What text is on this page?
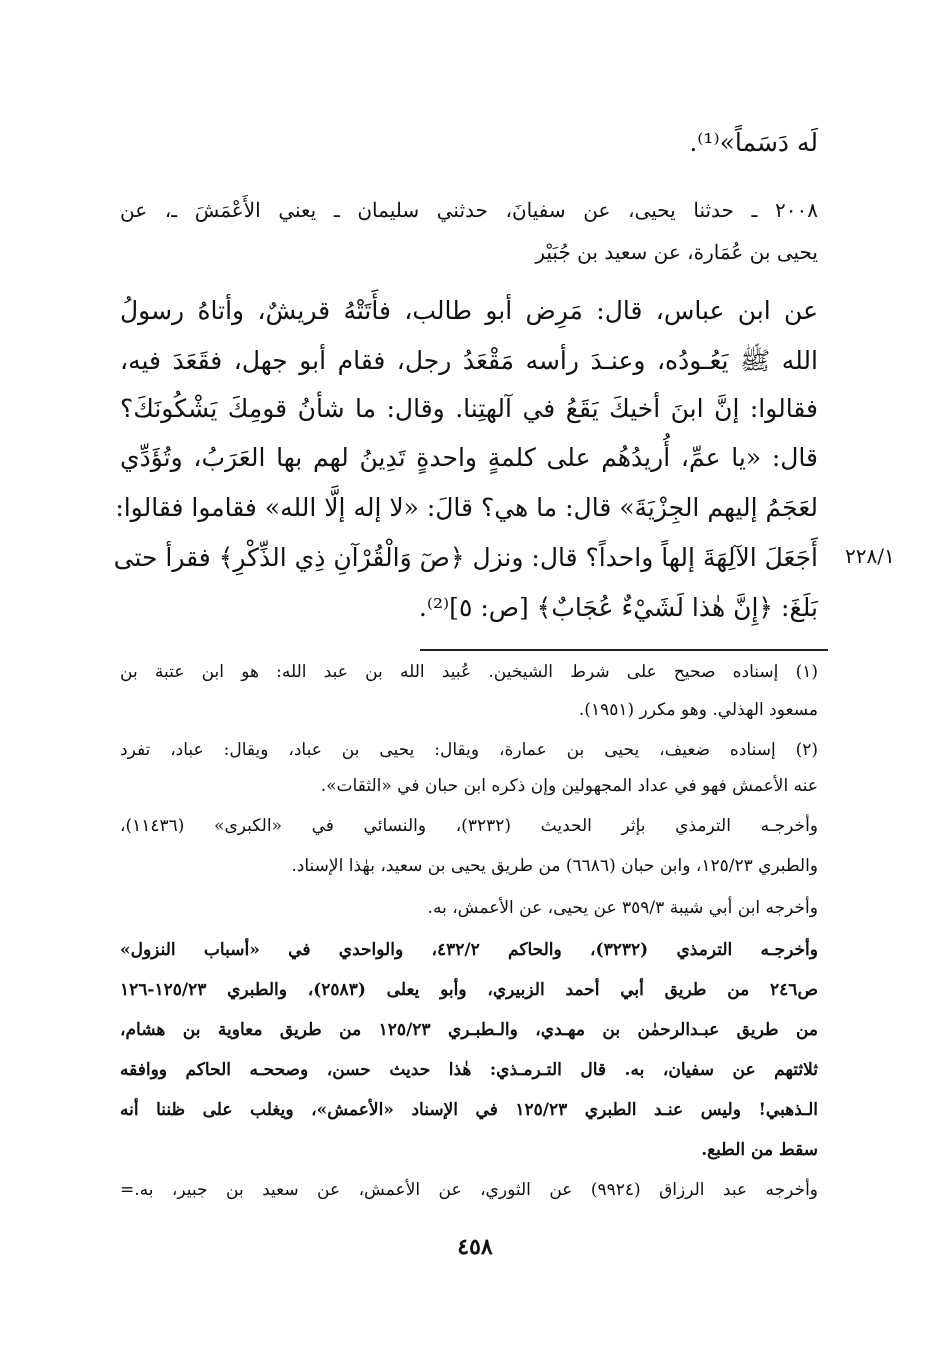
لَه دَسَماً»⁽¹⁾.

٢٠٠٨ ـ حدثنا يحيى، عن سفيانَ، حدثني سليمان ـ يعني الأَعْمَشَ ـ، عن

يحيى بن عُمَارة، عن سعيد بن جُبَيْر

عن ابن عباس، قال: مَرِض أبو طالب، فأَتَتْهُ قريشٌ، وأتاهُ رسولُ

الله ﷺ يَعُـودُه، وعنـدَ رأسه مَقْعَدُ رجل، فقام أبو جهل، فقَعَدَ فيه،

فقالوا: إنَّ ابنَ أخيكَ يَقَعُ في آلهتِنا. وقال: ما شأنُ قومِكَ يَشْكُونَكَ؟

قال: «يا عمِّ، أُريدُهُم على كلمةٍ واحدةٍ تَدِينُ لهم بها العَرَبُ، وتُؤَدِّي

لعَجَمُ إليهم الجِزْيَةَ» قال: ما هي؟ قالَ: «لا إله إلَّا الله» فقاموا فقالوا:

أَجَعَلَ الآلِهَةَ إلهاً واحداً؟ قال: ونزل ﴿صٓ وَالْقُرْآنِ ذِي الذِّكْرِ﴾ فقرأ حتى

بَلَغَ: ﴿إِنَّ هٰذا لَشَيْءٌ عُجَابٌ﴾ [ص: ٥]⁽²⁾.

٢٢٨/١

(١) إسناده صحيح على شرط الشيخين. عُبيد الله بن عبد الله: هو ابن عتبة بن

مسعود الهذلي. وهو مكرر (١٩٥١).

(٢) إسناده ضعيف، يحيى بن عمارة، ويقال: يحيى بن عباد، ويقال: عباد، تفرد

عنه الأعمش فهو في عداد المجهولين وإن ذكره ابن حبان في «الثقات».

وأخرجـه الترمذي بإثر الحديث (٣٢٣٢)، والنسائي في «الكبرى» (١١٤٣٦)،

والطبري ١٢٥/٢٣، وابن حبان (٦٦٨٦) من طريق يحيى بن سعيد، بهٰذا الإسناد.

وأخرجه ابن أبي شيبة ٣٥٩/٣ عن يحيى، عن الأعمش، به.

وأخرجـه الترمذي (٣٢٣٢)، والحاكم ٤٣٢/٢، والواحدي في «أسباب النزول»

ص٢٤٦ من طريق أبي أحمد الزبيري، وأبو يعلى (٢٥٨٣)، والطبري ١٢٥/٢٣-١٢٦

من طريق عبـدالرحمٰن بن مهـدي، والـطبـري ١٢٥/٢٣ من طريق معاوية بن هشام،

ثلاثتهم عن سفيان، به. قال التـرمـذي: هٰذا حديث حسن، وصححـه الحاكم ووافقه

الـذهبي! وليس عنـد الطبري ١٢٥/٢٣ في الإسناد «الأعمش»، ويغلب على ظننا أنه

سقط من الطبع.

وأخرجه عبد الرزاق (٩٩٢٤) عن الثوري، عن الأعمش، عن سعيد بن جبير، به.=

٤٥٨
